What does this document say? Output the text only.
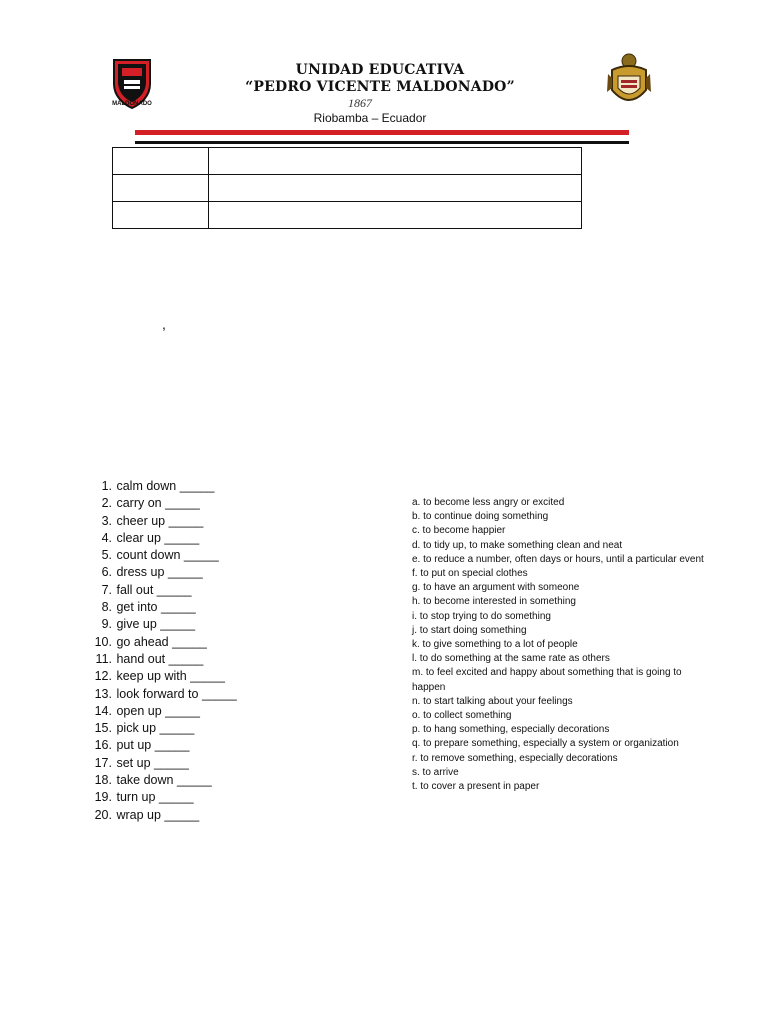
MALDONADO
UNIDAD EDUCATIVA
“PEDRO VICENTE MALDONADO”
1867
Riobamba – Ecuador

,
1. calm down _____
2. carry on _____
3. cheer up _____
4. clear up _____
5. count down _____
6. dress up _____
7. fall out _____
8. get into _____
9. give up _____
10. go ahead _____
11. hand out _____
12. keep up with _____
13. look forward to _____
14. open up _____
15. pick up _____
16. put up _____
17. set up _____
18. take down _____
19. turn up _____
20. wrap up _____
a. to become less angry or excited
b. to continue doing something
c. to become happier
d. to tidy up, to make something clean and neat
e. to reduce a number, often days or hours, until a particular event
f. to put on special clothes
g. to have an argument with someone
h. to become interested in something
i. to stop trying to do something
j. to start doing something
k. to give something to a lot of people
l. to do something at the same rate as others
m. to feel excited and happy about something that is going to happen
n. to start talking about your feelings
o. to collect something
p. to hang something, especially decorations
q. to prepare something, especially a system or organization
r. to remove something, especially decorations
s. to arrive
t. to cover a present in paper
